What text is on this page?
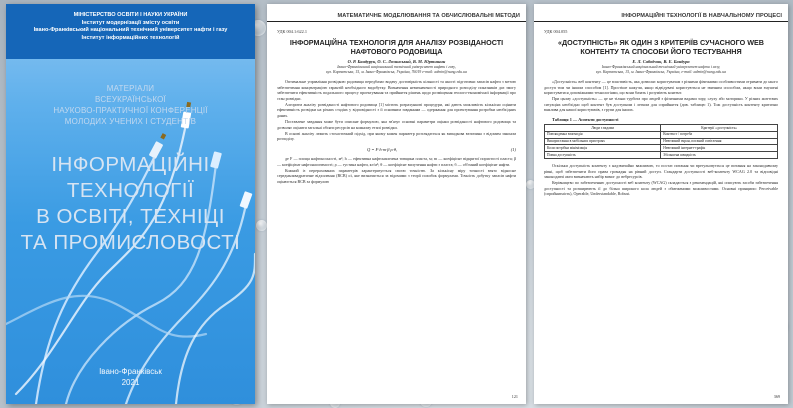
МІНІСТЕРСТВО ОСВІТИ І НАУКИ УКРАЇНИ
Інститут модернізації змісту освіти
Івано-Франківський національний технічний університет нафти і газу
Інститут інформаційних технологій
МАТЕРІАЛИ
ВСЕУКРАЇНСЬКОЇ
НАУКОВО-ПРАКТИЧНОЇ КОНФЕРЕНЦІЇ
МОЛОДИХ УЧЕНИХ І СТУДЕНТІВ
ІНФОРМАЦІЙНІ
ТЕХНОЛОГІЇ
В ОСВІТІ, ТЕХНІЦІ
ТА ПРОМИСЛОВОСТІ
Івано-Франківськ
2021
МАТЕМАТИЧНЕ МОДЕЛЮВАННЯ ТА ОБЧИСЛЮВАЛЬНІ МЕТОДИ
УДК 004.1:622.1
ІНФОРМАЦІЙНА ТЕХНОЛОГІЯ ДЛЯ АНАЛІЗУ РОЗВІДАНОСТІ НАФТОВОГО РОДОВИЩА
О. Р. Бандурук, О. С. Лозинський, В. М. Юртишин
Івано-Франківський національний технічний університет нафти і газу,
вул. Карпатська, 15, м. Івано-Франківськ, Україна, 76019 e-mail: admin@nung.edu.ua

Оптимальне управління розвідкою родовища передбачає видачу достовірність кількості та якості підготовки запасів нафти з метою забезпечення концентрацією гарантій необхідного видобутку. Визначення невизначеності природного розподілу показників дає змогу забезпечити ефективність подальшого процесу проектування та прийняття рішень щодо розміщення геолого-економічної інформації про стан розвідки.

Алгоритм аналізу розвіданості нафтового родовища [1] містить розрахункові процедури, які дають можливість кількісно оцінити ефективність розвідки на різних стадіях у відповідності з її основним завданням — одержання для проектування розробки необхідних даних.

Поставлене завдання може бути описане формулою, яка зв'язує основні параметри оцінки розвіданості нафтового родовища та дозволяє оцінити загальні обсяги ресурсів на кожному етапі розвідки.

В основі аналізу лежить стохастичний підхід, при якому кожен параметр розглядається як випадкова величина з відомим законом розподілу.

Q = F·h·m·β·ρ·θ,	(1)

де F — площа нафтоносності, м²; h — ефективна нафтонасичена товщина пласта, м; m — коефіцієнт відкритої пористості пласта; β — коефіцієнт нафтонасиченості; ρ — густина нафти, кг/м³; θ — коефіцієнт вилучення нафти з пласта; б — об'ємний коефіцієнт нафти.

Кожний із перерахованих параметрів характеризується своєю точністю. За кількісну міру точності взято відносне середньоквадратичне відхилення (ВСВ) σi, яке визначається за відомими з теорії похибок формулами. Точність добутку запасів нафти оцінюється ВСВ за формулою

121
ІНФОРМАЦІЙНІ ТЕХНОЛОГІЇ В НАВЧАЛЬНОМУ ПРОЦЕСІ
УДК 004.055
«ДОСТУПНІСТЬ» ЯК ОДИН З КРИТЕРІЇВ СУЧАСНОГО WEB КОНТЕНТУ ТА СПОСОБИ ЙОГО ТЕСТУВАННЯ
Е. Л. Сабодчик, В. Е. Бандура
Івано-Франківський національний технічний університет нафти і газу,
вул. Карпатська, 15, м. Івано-Франківськ, Україна, e-mail: admin@nung.edu.ua

«Доступність» веб контенту — це властивість, яка дозволяє користувачам з різними фізичними особливостями отримати до нього доступ тим чи іншим способом [1]. Простіше кажучи, якщо відвідувачі користуються не звичним способом, якщо вони змушені користуватися допоміжними технологіями, що вони бачать і розуміють контент.

При цьому «доступність» — це не тільки турбота про людей з фізичними вадами зору, слуху або моторики. У різних життєвих ситуаціях необхідно щоб контент був доступним і легким для сприйняття (див. таблицю 1). Тож доступність контенту критично важлива для нашої користувачів, з групи для інших.

Таблиця 1 — Аспекти доступності
Люди з вадами	Критерії «доступність»
Повсякденна взаємодія	Контекст / потреба
Використання в мобільних пристроях	Невеликий екран, поганий освітлення
Коли потрібна мінімізація	Невеликий інтернет-трафік
Повна доступність	Збільшена швидкість

Оскільки доступність контенту є надзвичайно важливою, то постає питання чи врегульовується це питання на законодавчому рівні, щоб забезпечити його права громадян на рівний доступ. Стандарти доступності веб-контенту WCAG 2.0 та відповідні законодавчі акти визначають набір вимог до вебресурсів.

Керівництво по забезпеченню доступності веб контенту (WCAG) складається з рекомендацій, які описують засоби забезпечення доступності та розширюють її до більш широкого кола людей з обмеженими можливостями. Основні принципи: Perceivable (сприйнятність), Operable, Understandable, Robust.

369
